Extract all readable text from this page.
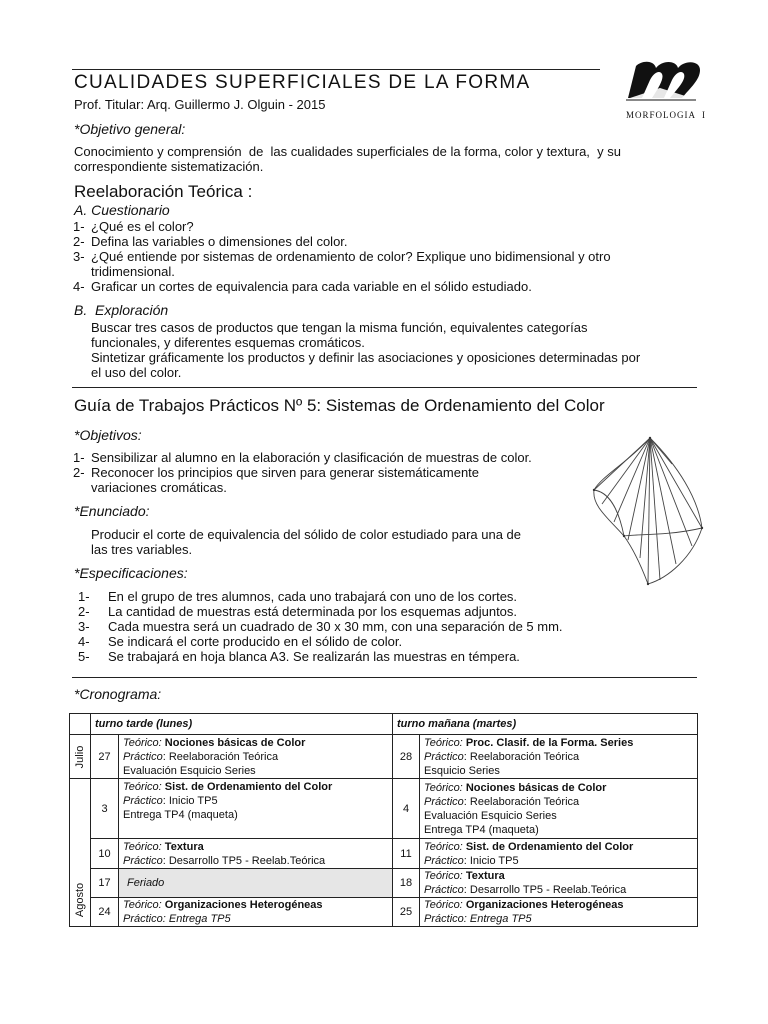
CUALIDADES SUPERFICIALES DE LA FORMA
Prof. Titular: Arq. Guillermo J. Olguin - 2015
MORFOLOGIA  I
*Objetivo general:
Conocimiento y comprensión  de  las cualidades superficiales de la forma, color y textura,  y su
correspondiente sistematización.
Reelaboración Teórica :
A. Cuestionario
1- ¿Qué es el color?
2- Defina las variables o dimensiones del color.
3- ¿Qué entiende por sistemas de ordenamiento de color? Explique uno bidimensional y otro
tridimensional.
4- Graficar un cortes de equivalencia para cada variable en el sólido estudiado.
B.  Exploración
Buscar tres casos de productos que tengan la misma función, equivalentes categorías
funcionales, y diferentes esquemas cromáticos.
Sintetizar gráficamente los productos y definir las asociaciones y oposiciones determinadas por
el uso del color.
Guía de Trabajos Prácticos Nº 5: Sistemas de Ordenamiento del Color
*Objetivos:
1- Sensibilizar al alumno en la elaboración y clasificación de muestras de color.
2- Reconocer los principios que sirven para generar sistemáticamente
variaciones cromáticas.
*Enunciado:
Producir el corte de equivalencia del sólido de color estudiado para una de
las tres variables.
*Especificaciones:
1- En el grupo de tres alumnos, cada uno trabajará con uno de los cortes.
2- La cantidad de muestras está determinada por los esquemas adjuntos.
3- Cada muestra será un cuadrado de 30 x 30 mm, con una separación de 5 mm.
4- Se indicará el corte producido en el sólido de color.
5- Se trabajará en hoja blanca A3. Se realizarán las muestras en témpera.
*Cronograma:
	turno tarde (lunes)		turno mañana (martes)	

Julio	27	Teórico: Nociones básicas de Color
Práctico: Reelaboración Teórica
Evaluación Esquicio Series	28	Teórico: Proc. Clasif. de la Forma. Series
Práctico: Reelaboración Teórica
Esquicio Series

Agosto	3	Teórico: Sist. de Ordenamiento del Color
Práctico: Inicio TP5
Entrega TP4 (maqueta)	4	Teórico: Nociones básicas de Color
Práctico: Reelaboración Teórica
Evaluación Esquicio Series
Entrega TP4 (maqueta)

	10	Teórico: Textura
Práctico: Desarrollo TP5 - Reelab.Teórica	11	Teórico: Sist. de Ordenamiento del Color
Práctico: Inicio TP5

	17	Feriado	18	Teórico: Textura
Práctico: Desarrollo TP5 - Reelab.Teórica

	24	Teórico: Organizaciones Heterogéneas
Práctico: Entrega TP5	25	Teórico: Organizaciones Heterogéneas
Práctico: Entrega TP5
